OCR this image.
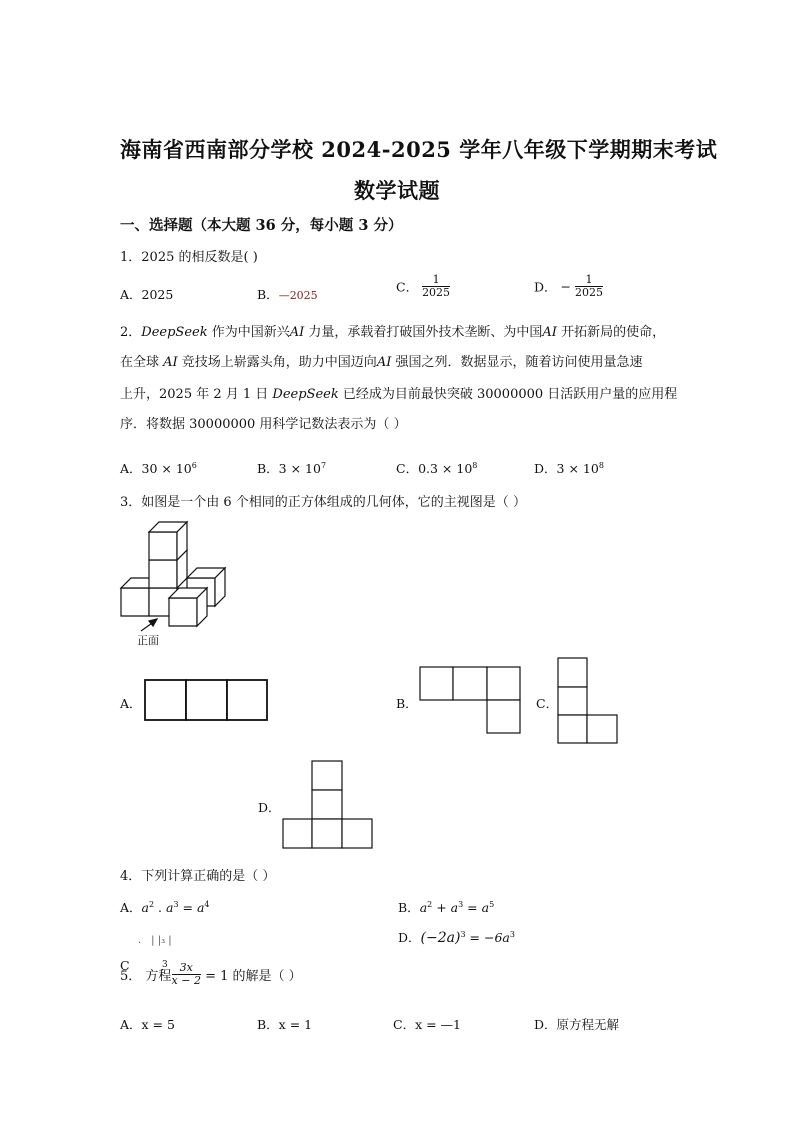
海南省西南部分学校 2024-2025 学年八年级下学期期末考试
数学试题
一、选择题（本大题 36 分，每小题 3 分）
1．2025 的相反数是( )
A．2025	B．—2025
C． $\frac{1}{2025}$	D． − $\frac{1}{2025}$
2．DeepSeek 作为中国新兴AI 力量，承载着打破国外技术垄断、为中国AI 开拓新局的使命，
在全球 AI 竞技场上崭露头角，助力中国迈向AI 强国之列．数据显示，随着访问使用量急速
上升，2025 年 2 月 1 日 DeepSeek 已经成为目前最快突破 30000000 日活跃用户量的应用程
序．将数据 30000000 用科学记数法表示为（ ）
A．$30 \times 10^6$	B．$3 \times 10^7$	C．$0.3 \times 10^8$	D．$3 \times 10^8$
3．如图是一个由 6 个相同的正方体组成的几何体，它的主视图是（ ）
正面
A．	B．	C．
D．
4．下列计算正确的是（ ）
A．$a^2$ . $a^3 = a^4$	B．$a^2 + a^3 = a^5$
． | |₃ |	D．$(-2a)^3 = -6a^3$
C
5． 方程 $\frac{3x}{x - 2} = 1$ 的解是（ ）
3
A．x = 5	B．x = 1	C．x = —1	D．原方程无解
